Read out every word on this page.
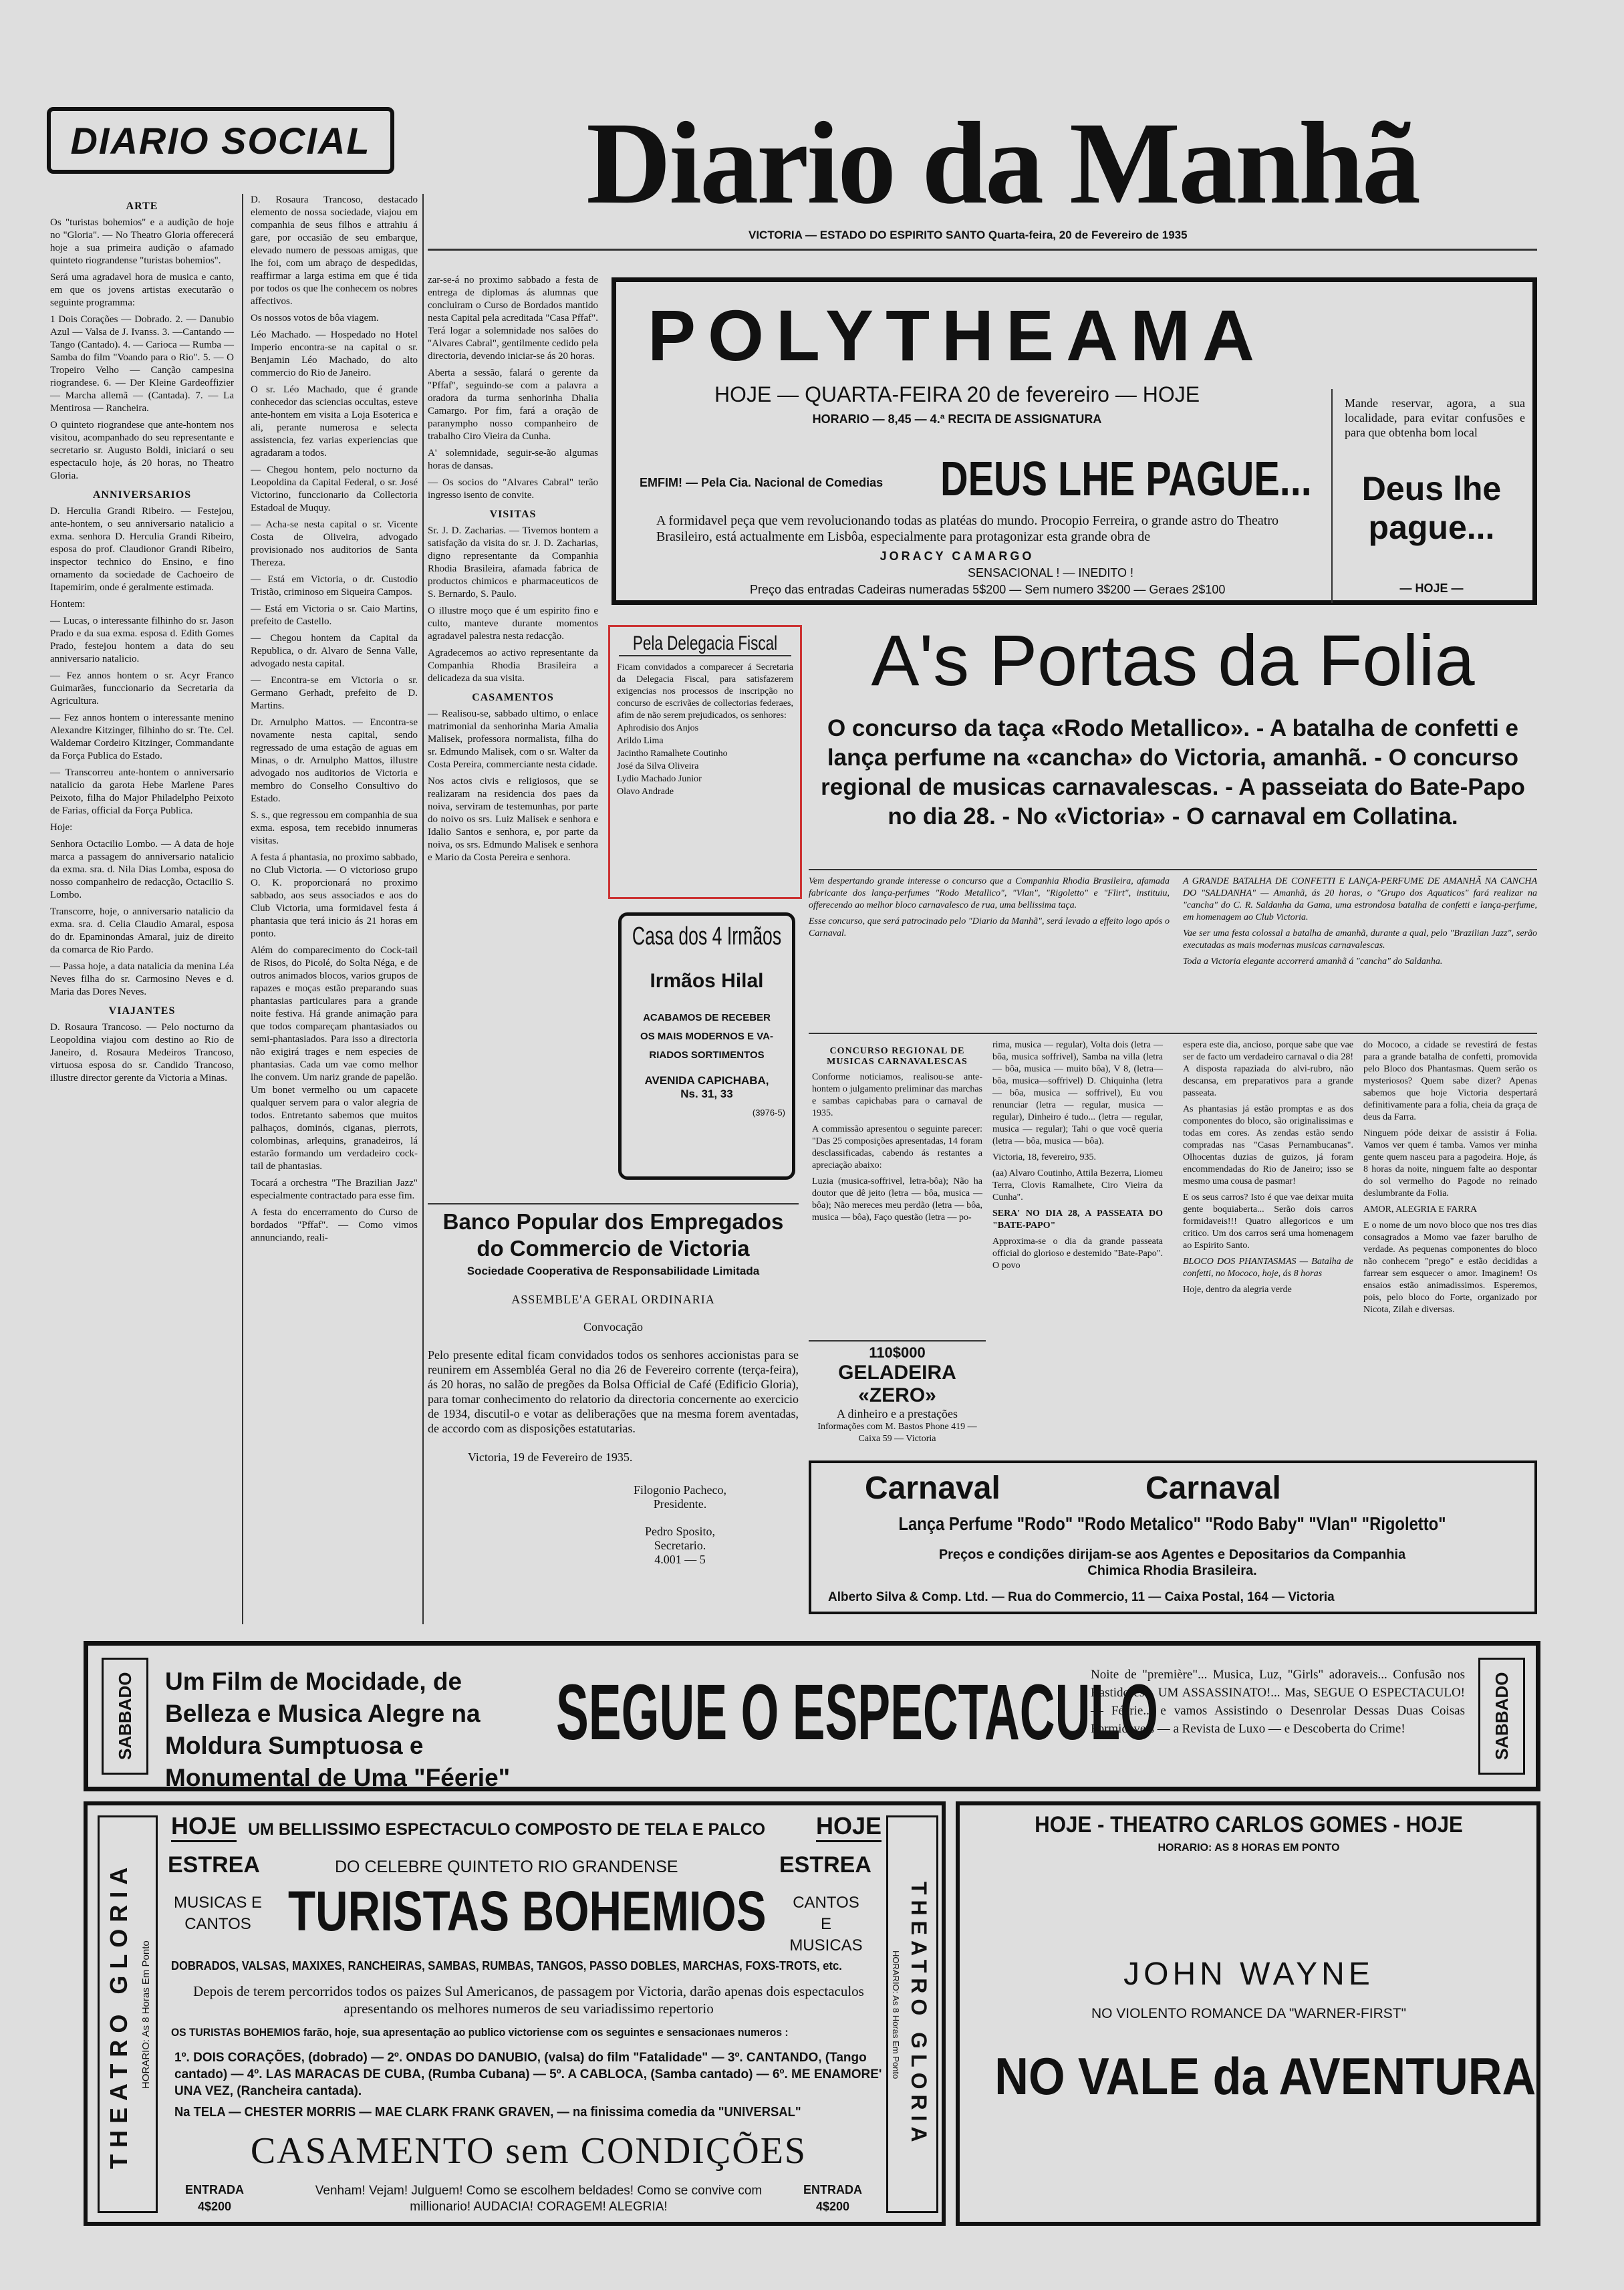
DIARIO SOCIAL	Diario da Manhã
VICTORIA — ESTADO DO ESPIRITO SANTO Quarta-feira, 20 de Fevereiro de 1935
ARTE

Os "turistas bohemios" e a audição de hoje no "Gloria". — No Theatro Gloria offerecerá hoje a sua primeira audição o afamado quinteto riograndense "turistas bohemios".

Será uma agradavel hora de musica e canto, em que os jovens artistas executarão o seguinte programma:

1 Dois Corações — Dobrado. 2. — Danubio Azul — Valsa de J. Ivanss. 3. —Cantando — Tango (Cantado). 4. — Carioca — Rumba — Samba do film "Voando para o Rio". 5. — O Tropeiro Velho — Canção campesina riograndese. 6. — Der Kleine Gardeoffizier — Marcha allemã — (Cantada). 7. — La Mentirosa — Rancheira.

O quinteto riograndese que ante-hontem nos visitou, acompanhado do seu representante e secretario sr. Augusto Boldi, iniciará o seu espectaculo hoje, ás 20 horas, no Theatro Gloria.

ANNIVERSARIOS

D. Herculia Grandi Ribeiro. — Festejou, ante-hontem, o seu anniversario natalicio a exma. senhora D. Herculia Grandi Ribeiro, esposa do prof. Claudionor Grandi Ribeiro, inspector technico do Ensino, e fino ornamento da sociedade de Cachoeiro de Itapemirim, onde é geralmente estimada.

Hontem:

— Lucas, o interessante filhinho do sr. Jason Prado e da sua exma. esposa d. Edith Gomes Prado, festejou hontem a data do seu anniversario natalicio.

— Fez annos hontem o sr. Acyr Franco Guimarães, funccionario da Secretaria da Agricultura.

— Fez annos hontem o interessante menino Alexandre Kitzinger, filhinho do sr. Tte. Cel. Waldemar Cordeiro Kitzinger, Commandante da Força Publica do Estado.

— Transcorreu ante-hontem o anniversario natalicio da garota Hebe Marlene Pares Peixoto, filha do Major Philadelpho Peixoto de Farias, official da Força Publica.

Hoje:

Senhora Octacilio Lombo. — A data de hoje marca a passagem do anniversario natalicio da exma. sra. d. Nila Dias Lomba, esposa do nosso companheiro de redacção, Octacilio S. Lombo.

Transcorre, hoje, o anniversario natalicio da exma. sra. d. Celia Claudio Amaral, esposa do dr. Epaminondas Amaral, juiz de direito da comarca de Rio Pardo.

— Passa hoje, a data natalicia da menina Léa Neves filha do sr. Carmosino Neves e d. Maria das Dores Neves.

VIAJANTES

D. Rosaura Trancoso. — Pelo nocturno da Leopoldina viajou com destino ao Rio de Janeiro, d. Rosaura Medeiros Trancoso, virtuosa esposa do sr. Candido Trancoso, illustre director gerente da Victoria a Minas.

D. Rosaura Trancoso, destacado elemento de nossa sociedade, viajou em companhia de seus filhos e attrahiu á gare, por occasião de seu embarque, elevado numero de pessoas amigas, que lhe foi, com um abraço de despedidas, reaffirmar a larga estima em que é tida por todos os que lhe conhecem os nobres affectivos.

Os nossos votos de bôa viagem.

Léo Machado. — Hospedado no Hotel Imperio encontra-se na capital o sr. Benjamin Léo Machado, do alto commercio do Rio de Janeiro.

O sr. Léo Machado, que é grande conhecedor das sciencias occultas, esteve ante-hontem em visita a Loja Esoterica e ali, perante numerosa e selecta assistencia, fez varias experiencias que agradaram a todos.

— Chegou hontem, pelo nocturno da Leopoldina da Capital Federal, o sr. José Victorino, funccionario da Collectoria Estadoal de Muquy.

— Acha-se nesta capital o sr. Vicente Costa de Oliveira, advogado provisionado nos auditorios de Santa Thereza.

— Está em Victoria, o dr. Custodio Tristão, criminoso em Siqueira Campos.

— Está em Victoria o sr. Caio Martins, prefeito de Castello.

— Chegou hontem da Capital da Republica, o dr. Alvaro de Senna Valle, advogado nesta capital.

— Encontra-se em Victoria o sr. Germano Gerhadt, prefeito de D. Martins.

Dr. Arnulpho Mattos. — Encontra-se novamente nesta capital, sendo regressado de uma estação de aguas em Minas, o dr. Arnulpho Mattos, illustre advogado nos auditorios de Victoria e membro do Conselho Consultivo do Estado.

S. s., que regressou em companhia de sua exma. esposa, tem recebido innumeras visitas.

A festa á phantasia, no proximo sabbado, no Club Victoria. — O victorioso grupo O. K. proporcionará no proximo sabbado, aos seus associados e aos do Club Victoria, uma formidavel festa á phantasia que terá inicio ás 21 horas em ponto.

Além do comparecimento do Cock-tail de Risos, do Picolé, do Solta Néga, e de outros animados blocos, varios grupos de rapazes e moças estão preparando suas phantasias particulares para a grande noite festiva. Há grande animação para que todos compareçam phantasiados ou semi-phantasiados. Para isso a directoria não exigirá trages e nem especies de phantasias. Cada um vae como melhor lhe convem. Um nariz grande de papelão. Um bonet vermelho ou um capacete qualquer servem para o valor alegria de todos. Entretanto sabemos que muitos palhaços, dominós, ciganas, pierrots, colombinas, arlequins, granadeiros, lá estarão formando um verdadeiro cock-tail de phantasias.

Tocará a orchestra "The Brazilian Jazz" especialmente contractado para esse fim.

A festa do encerramento do Curso de bordados "Pffaf". — Como vimos annunciando, reali-

zar-se-á no proximo sabbado a festa de entrega de diplomas ás alumnas que concluiram o Curso de Bordados mantido nesta Capital pela acreditada "Casa Pffaf". Terá logar a solemnidade nos salões do "Alvares Cabral", gentilmente cedido pela directoria, devendo iniciar-se ás 20 horas.

Aberta a sessão, falará o gerente da "Pffaf", seguindo-se com a palavra a oradora da turma senhorinha Dhalia Camargo. Por fim, fará a oração de paranympho nosso companheiro de trabalho Ciro Vieira da Cunha.

A' solemnidade, seguir-se-ão algumas horas de dansas.

— Os socios do "Alvares Cabral" terão ingresso isento de convite.

VISITAS

Sr. J. D. Zacharias. — Tivemos hontem a satisfação da visita do sr. J. D. Zacharias, digno representante da Companhia Rhodia Brasileira, afamada fabrica de productos chimicos e pharmaceuticos de S. Bernardo, S. Paulo.

O illustre moço que é um espirito fino e culto, manteve durante momentos agradavel palestra nesta redacção.

Agradecemos ao activo representante da Companhia Rhodia Brasileira a delicadeza da sua visita.

CASAMENTOS

— Realisou-se, sabbado ultimo, o enlace matrimonial da senhorinha Maria Amalia Malisek, professora normalista, filha do sr. Edmundo Malisek, com o sr. Walter da Costa Pereira, commerciante nesta cidade.

Nos actos civis e religiosos, que se realizaram na residencia dos paes da noiva, serviram de testemunhas, por parte do noivo os srs. Luiz Malisek e senhora e Idalio Santos e senhora, e, por parte da noiva, os srs. Edmundo Malisek e senhora e Mario da Costa Pereira e senhora.

POLYTHEAMA
HOJE — QUARTA-FEIRA 20 de fevereiro — HOJE
HORARIO — 8,45 — 4.ª RECITA DE ASSIGNATURA
EMFIM! — Pela Cia. Nacional de Comedias	DEUS LHE PAGUE...
A formidavel peça que vem revolucionando todas as platéas do mundo. Procopio Ferreira, o grande astro do Theatro Brasileiro, está actualmente em Lisbôa, especialmente para protagonizar esta grande obra de
JORACY CAMARGO
SENSACIONAL ! — INEDITO !
Preço das entradas Cadeiras numeradas 5$200 — Sem numero 3$200 — Geraes 2$100
Mande reservar, agora, a sua localidade, para evitar confusões e para que obtenha bom local
Deus lhe pague...
— HOJE —
Pela Delegacia Fiscal
Ficam convidados a comparecer á Secretaria da Delegacia Fiscal, para satisfazerem exigencias nos processos de inscripção no concurso de escrivães de collectorias federaes, afim de não serem prejudicados, os senhores:
Aphrodisio dos Anjos
Arildo Lima
Jacintho Ramalhete Coutinho
José da Silva Oliveira
Lydio Machado Junior
Olavo Andrade
Casa dos 4 Irmãos
Irmãos Hilal
ACABAMOS DE RECEBER
OS MAIS MODERNOS E VA-
RIADOS SORTIMENTOS
AVENIDA CAPICHABA,
Ns. 31, 33
(3976-5)
A's Portas da Folia
O concurso da taça «Rodo Metallico». - A batalha de confetti e lança perfume na «cancha» do Victoria, amanhã. - O concurso regional de musicas carnavalescas. - A passeiata do Bate-Papo no dia 28. - No «Victoria» - O carnaval em Collatina.

Vem despertando grande interesse o concurso que a Companhia Rhodia Brasileira, afamada fabricante dos lança-perfumes "Rodo Metallico", "Vlan", "Rigoletto" e "Flirt", instituiu, offerecendo ao melhor bloco carnavalesco de rua, uma bellissima taça.

Esse concurso, que será patrocinado pelo "Diario da Manhã", será levado a effeito logo após o Carnaval.

A GRANDE BATALHA DE CONFETTI E LANÇA-PERFUME DE AMANHÃ NA CANCHA DO "SALDANHA" — Amanhã, ás 20 horas, o "Grupo dos Aquaticos" fará realizar na "cancha" do C. R. Saldanha da Gama, uma estrondosa batalha de confetti e lança-perfume, em homenagem ao Club Victoria.

Vae ser uma festa colossal a batalha de amanhã, durante a qual, pelo "Brazilian Jazz", serão executadas as mais modernas musicas carnavalescas.

Toda a Victoria elegante accorrerá amanhã á "cancha" do Saldanha.

CONCURSO REGIONAL DE MUSICAS CARNAVALESCAS

Conforme noticiamos, realisou-se ante-hontem o julgamento preliminar das marchas e sambas capichabas para o carnaval de 1935.

A commissão apresentou o seguinte parecer: "Das 25 composições apresentadas, 14 foram desclassificadas, cabendo ás restantes a apreciação abaixo:

Luzia (musica-soffrivel, letra-bôa); Não ha doutor que dê jeito (letra — bôa, musica — bôa); Não mereces meu perdão (letra — bôa, musica — bôa), Faço questão (letra — po-

rima, musica — regular), Volta dois (letra — bôa, musica soffrivel), Samba na villa (letra — bôa, musica — muito bôa), V 8, (letra—bôa, musica—soffrivel) D. Chiquinha (letra — bôa, musica — soffrivel), Eu vou renunciar (letra — regular, musica — regular), Dinheiro é tudo... (letra — regular, musica — regular); Tahi o que você queria (letra — bôa, musica — bôa).

Victoria, 18, fevereiro, 935.

(aa) Alvaro Coutinho, Attila Bezerra, Liomeu Terra, Clovis Ramalhete, Ciro Vieira da Cunha".

SERA' NO DIA 28, A PASSEATA DO "BATE-PAPO"

Approxima-se o dia da grande passeata official do glorioso e destemido "Bate-Papo". O povo

espera este dia, ancioso, porque sabe que vae ser de facto um verdadeiro carnaval o dia 28! A disposta rapaziada do alvi-rubro, não descansa, em preparativos para a grande passeata.

As phantasias já estão promptas e as dos componentes do bloco, são originalissimas e todas em cores. As zendas estão sendo compradas nas "Casas Pernambucanas". Olhocentas duzias de guizos, já foram encommendadas do Rio de Janeiro; isso se mesmo uma cousa de pasmar!

E os seus carros? Isto é que vae deixar muita gente boquiaberta... Serão dois carros formidaveis!!! Quatro allegoricos e um critico. Um dos carros será uma homenagem ao Espirito Santo.

BLOCO DOS PHANTASMAS — Batalha de confetti, no Mococo, hoje, ás 8 horas

Hoje, dentro da alegria verde

do Mococo, a cidade se revestirá de festas para a grande batalha de confetti, promovida pelo Bloco dos Phantasmas. Quem serão os mysteriosos? Quem sabe dizer? Apenas sabemos que hoje Victoria despertará definitivamente para a folia, cheia da graça de deus da Farra.

Ninguem póde deixar de assistir á Folia. Vamos ver quem é tamba. Vamos ver minha gente quem nasceu para a pagodeira. Hoje, ás 8 horas da noite, ninguem falte ao despontar do sol vermelho do Pagode no reinado deslumbrante da Folia.

AMOR, ALEGRIA E FARRA

E o nome de um novo bloco que nos tres dias consagrados a Momo vae fazer barulho de verdade. As pequenas componentes do bloco não conhecem "prego" e estão decididas a farrear sem esquecer o amor. Imaginem! Os ensaios estão animadissimos. Esperemos, pois, pelo bloco do Forte, organizado por Nicota, Zilah e diversas.

110$000
GELADEIRA «ZERO»
A dinheiro e a prestações
Informações com M. Bastos Phone 419 — Caixa 59 — Victoria
Banco Popular dos Empregados do Commercio de Victoria
Sociedade Cooperativa de Responsabilidade Limitada
ASSEMBLE'A GERAL ORDINARIA
Convocação
Pelo presente edital ficam convidados todos os senhores accionistas para se reunirem em Assembléa Geral no dia 26 de Fevereiro corrente (terça-feira), ás 20 horas, no salão de pregões da Bolsa Official de Café (Edificio Gloria), para tomar conhecimento do relatorio da directoria concernente ao exercicio de 1934, discutil-o e votar as deliberações que na mesma forem aventadas, de accordo com as disposições estatutarias.
Victoria, 19 de Fevereiro de 1935.
Filogonio Pacheco,
Presidente.
Pedro Sposito,
Secretario.
4.001 — 5
Carnaval	Carnaval
Lança Perfume "Rodo" "Rodo Metalico" "Rodo Baby" "Vlan" "Rigoletto"
Preços e condições dirijam-se aos Agentes e Depositarios da Companhia Chimica Rhodia Brasileira.
Alberto Silva & Comp. Ltd. — Rua do Commercio, 11 — Caixa Postal, 164 — Victoria
SABBADO	Um Film de Mocidade, de Belleza e Musica Alegre na Moldura Sumptuosa e Monumental de Uma "Féerie"
SEGUE O ESPECTACULO
Noite de "première"... Musica, Luz, "Girls" adoraveis... Confusão nos Bastidores... UM ASSASSINATO!... Mas, SEGUE O ESPECTACULO! — Féerie... e vamos Assistindo o Desenrolar Dessas Duas Coisas Formidaveis — a Revista de Luxo — e Descoberta do Crime!	SABBADO
THEATRO GLORIA HORARIO: As 8 Horas Em Ponto
HOJE UM BELLISSIMO ESPECTACULO COMPOSTO DE TELA E PALCO HOJE
ESTREA	DO CELEBRE QUINTETO RIO GRANDENSE	ESTREA
MUSICAS E CANTOS TURISTAS BOHEMIOS	CANTOS E MUSICAS
DOBRADOS, VALSAS, MAXIXES, RANCHEIRAS, SAMBAS, RUMBAS, TANGOS, PASSO DOBLES, MARCHAS, FOXS-TROTS, etc.
Depois de terem percorridos todos os paizes Sul Americanos, de passagem por Victoria, darão apenas dois espectaculos apresentando os melhores numeros de seu variadissimo repertorio
OS TURISTAS BOHEMIOS farão, hoje, sua apresentação ao publico victoriense com os seguintes e sensacionaes numeros :
1º. DOIS CORAÇÕES, (dobrado) — 2º. ONDAS DO DANUBIO, (valsa) do film "Fatalidade" — 3º. CANTANDO, (Tango cantado) — 4º. LAS MARACAS DE CUBA, (Rumba Cubana) — 5º. A CABLOCA, (Samba cantado) — 6º. ME ENAMORE' UNA VEZ, (Rancheira cantada).
Na TELA — CHESTER MORRIS — MAE CLARK FRANK GRAVEN, — na finissima comedia da "UNIVERSAL"
CASAMENTO sem CONDIÇÕES
ENTRADA
4$200
Venham! Vejam! Julguem! Como se escolhem beldades! Como se convive com millionario! AUDACIA! CORAGEM! ALEGRIA!
ENTRADA
4$200
THEATRO GLORIA
HORARIO: As 8 Horas Em Ponto
HOJE - THEATRO CARLOS GOMES - HOJE
HORARIO: AS 8 HORAS EM PONTO
JOHN WAYNE
NO VIOLENTO ROMANCE DA "WARNER-FIRST"
NO VALE da AVENTURA
